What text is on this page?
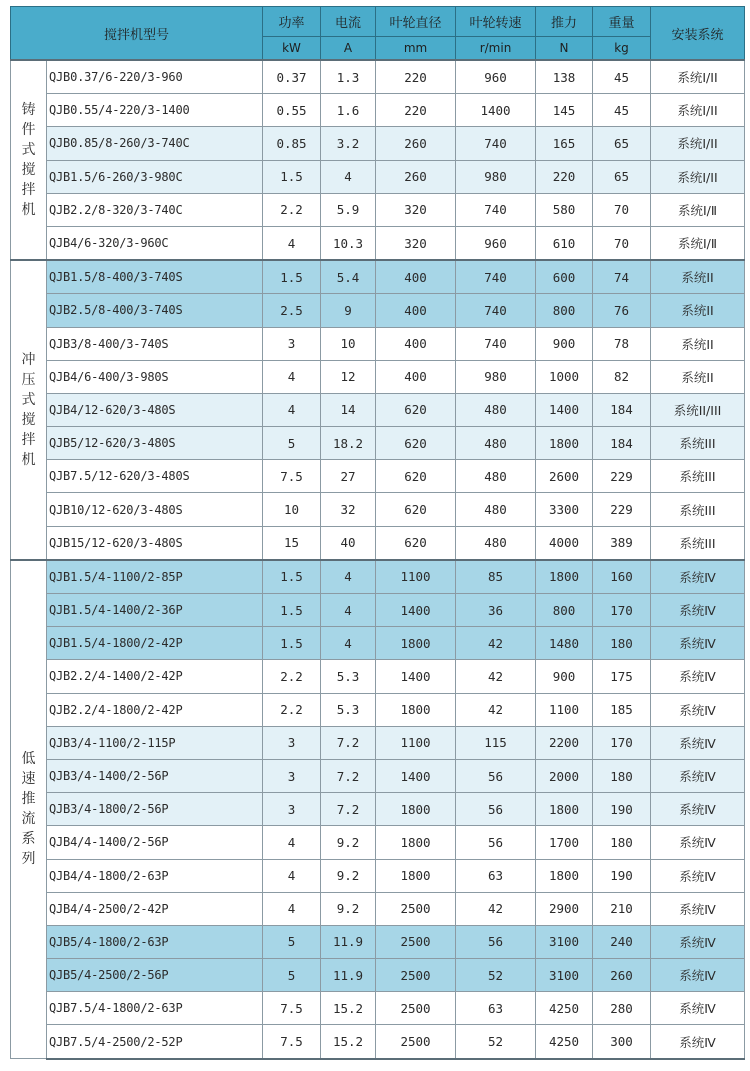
搅拌机型号		功率	电流	叶轮直径	叶轮转速	推力	重量	安装系统
		kW	A	mm	r/min	N	kg	
铸件式搅拌机	QJB0.37/6-220/3-960	0.37	1.3	220	960	138	45	系统Ⅰ/II
	QJB0.55/4-220/3-1400	0.55	1.6	220	1400	145	45	系统Ⅰ/II
	QJB0.85/8-260/3-740C	0.85	3.2	260	740	165	65	系统Ⅰ/II
	QJB1.5/6-260/3-980C	1.5	4	260	980	220	65	系统Ⅰ/II
	QJB2.2/8-320/3-740C	2.2	5.9	320	740	580	70	系统Ⅰ/Ⅱ
	QJB4/6-320/3-960C	4	10.3	320	960	610	70	系统Ⅰ/Ⅱ
冲压式搅拌机	QJB1.5/8-400/3-740S	1.5	5.4	400	740	600	74	系统II
	QJB2.5/8-400/3-740S	2.5	9	400	740	800	76	系统II
	QJB3/8-400/3-740S	3	10	400	740	900	78	系统II
	QJB4/6-400/3-980S	4	12	400	980	1000	82	系统II
	QJB4/12-620/3-480S	4	14	620	480	1400	184	系统II/III
	QJB5/12-620/3-480S	5	18.2	620	480	1800	184	系统III
	QJB7.5/12-620/3-480S	7.5	27	620	480	2600	229	系统III
	QJB10/12-620/3-480S	10	32	620	480	3300	229	系统III
	QJB15/12-620/3-480S	15	40	620	480	4000	389	系统III
低速推流系列	QJB1.5/4-1100/2-85P	1.5	4	1100	85	1800	160	系统Ⅳ
	QJB1.5/4-1400/2-36P	1.5	4	1400	36	800	170	系统Ⅳ
	QJB1.5/4-1800/2-42P	1.5	4	1800	42	1480	180	系统Ⅳ
	QJB2.2/4-1400/2-42P	2.2	5.3	1400	42	900	175	系统Ⅳ
	QJB2.2/4-1800/2-42P	2.2	5.3	1800	42	1100	185	系统Ⅳ
	QJB3/4-1100/2-115P	3	7.2	1100	115	2200	170	系统Ⅳ
	QJB3/4-1400/2-56P	3	7.2	1400	56	2000	180	系统Ⅳ
	QJB3/4-1800/2-56P	3	7.2	1800	56	1800	190	系统Ⅳ
	QJB4/4-1400/2-56P	4	9.2	1800	56	1700	180	系统Ⅳ
	QJB4/4-1800/2-63P	4	9.2	1800	63	1800	190	系统Ⅳ
	QJB4/4-2500/2-42P	4	9.2	2500	42	2900	210	系统Ⅳ
	QJB5/4-1800/2-63P	5	11.9	2500	56	3100	240	系统Ⅳ
	QJB5/4-2500/2-56P	5	11.9	2500	52	3100	260	系统Ⅳ
	QJB7.5/4-1800/2-63P	7.5	15.2	2500	63	4250	280	系统Ⅳ
	QJB7.5/4-2500/2-52P	7.5	15.2	2500	52	4250	300	系统Ⅳ
